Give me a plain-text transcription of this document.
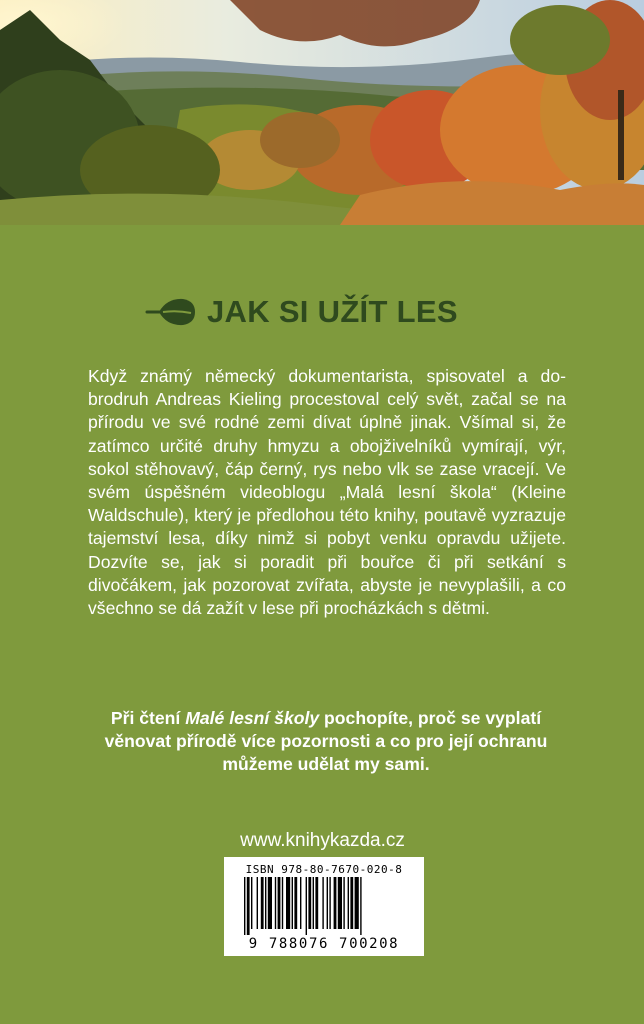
JAK SI UŽÍT LES
Když známý německý dokumentarista, spisovatel a dobrodruh Andreas Kieling procestoval celý svět, začal se na přírodu ve své rodné zemi dívat úplně jinak. Všímal si, že zatímco určité druhy hmyzu a obojživelníků vymírají, výr, sokol stěhovavý, čáp černý, rys nebo vlk se zase vracejí. Ve svém úspěšném videoblogu „Malá lesní škola“ (Kleine Waldschule), který je předlohou této knihy, poutavě vyzrazuje tajemství lesa, díky nimž si pobyt venku opravdu užijete. Dozvíte se, jak si poradit při bouřce či při setkání s divočákem, jak pozorovat zvířata, abyste je nevyplašili, a co všechno se dá zažít v lese při procházkách s dětmi.
Při čtení Malé lesní školy pochopíte, proč se vyplatí věnovat přírodě více pozornosti a co pro její ochranu můžeme udělat my sami.
www.knihykazda.cz
ISBN 978-80-7670-020-8
9 788076 700208
